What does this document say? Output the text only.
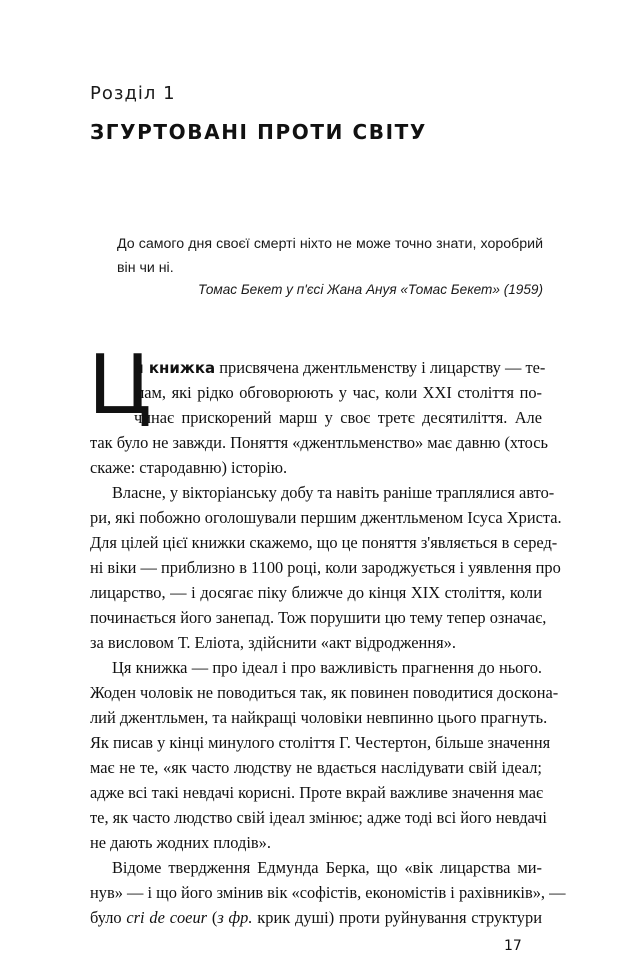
Розділ 1
ЗГУРТОВАНІ ПРОТИ СВІТУ
До самого дня своєї смерті ніхто не може точно знати, хоробрий він чи ні.
Томас Бекет у п'єсі Жана Ануя «Томас Бекет» (1959)
Ц
я книжка присвячена джентльменству і лицарству — те-
мам, які рідко обговорюють у час, коли XXI століття по-
чинає прискорений марш у своє третє десятиліття. Але
так було не завжди. Поняття «джентльменство» має давню (хтось
скаже: стародавню) історію.
Власне, у вікторіанську добу та навіть раніше траплялися авто-
ри, які побожно оголошували першим джентльменом Ісуса Христа.
Для цілей цієї книжки скажемо, що це поняття з'являється в серед-
ні віки — приблизно в 1100 році, коли зароджується і уявлення про
лицарство, — і досягає піку ближче до кінця XIX століття, коли
починається його занепад. Тож порушити цю тему тепер означає,
за висловом Т. Еліота, здійснити «акт відродження».
Ця книжка — про ідеал і про важливість прагнення до нього.
Жоден чоловік не поводиться так, як повинен поводитися доскона-
лий джентльмен, та найкращі чоловіки невпинно цього прагнуть.
Як писав у кінці минулого століття Г. Честертон, більше значення
має не те, «як часто людству не вдається наслідувати свій ідеал;
адже всі такі невдачі корисні. Проте вкрай важливе значення має
те, як часто людство свій ідеал змінює; адже тоді всі його невдачі
не дають жодних плодів».
Відоме твердження Едмунда Берка, що «вік лицарства ми-
нув» — і що його змінив вік «софістів, економістів і рахівників», —
було cri de coeur (з фр. крик душі) проти руйнування структури
17
